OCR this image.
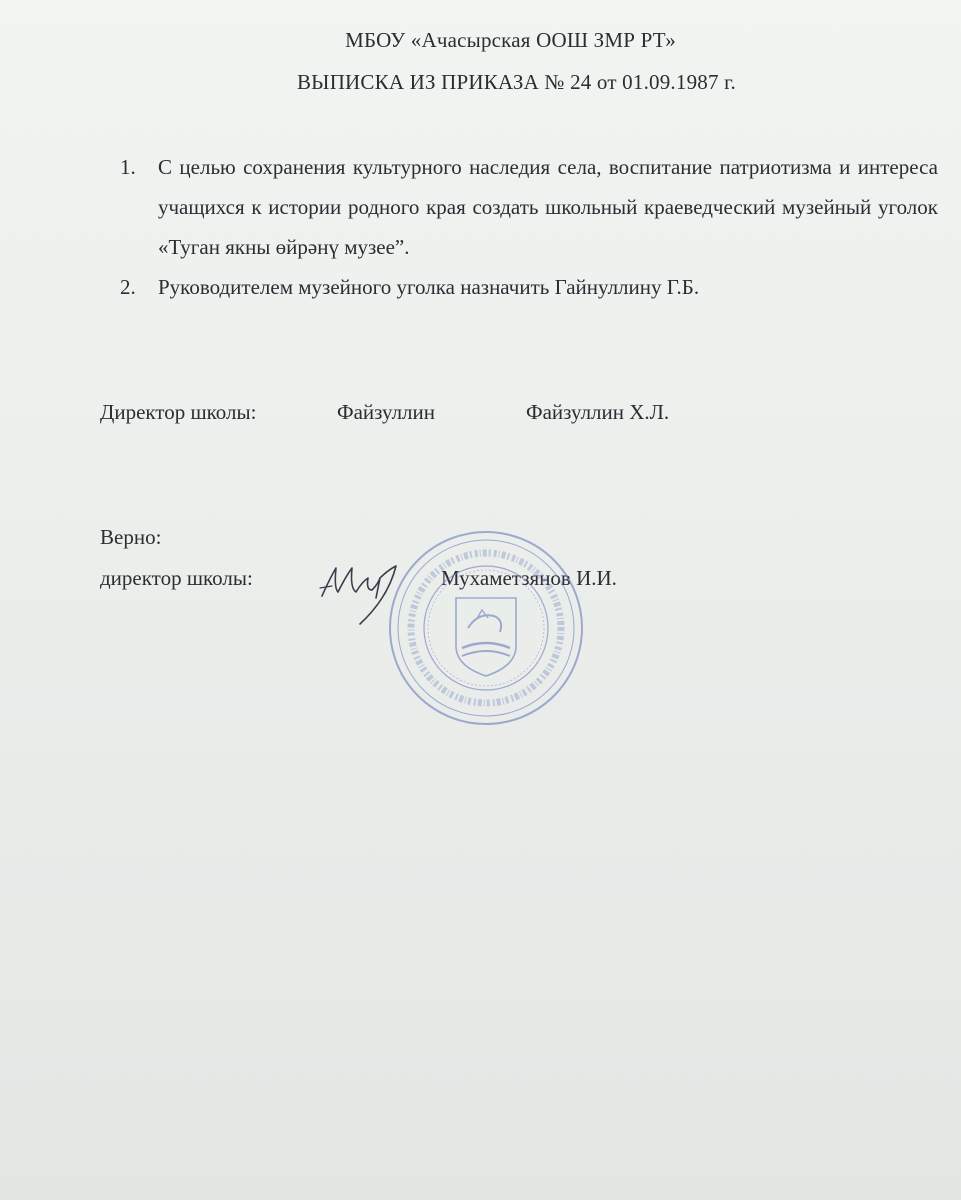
МБОУ «Ачасырская ООШ ЗМР РТ»
ВЫПИСКА ИЗ ПРИКАЗА № 24 от 01.09.1987 г.
1. С целью сохранения культурного наследия села, воспитание патриотизма и интереса учащихся к истории родного края создать школьный краеведческий музейный уголок «Туган якны өйрәнү музее”.
2. Руководителем музейного уголка назначить Гайнуллину Г.Б.
Директор школы:	Файзуллин	Файзуллин Х.Л.
Верно:
директор школы:	Мухаметзянов И.И.
